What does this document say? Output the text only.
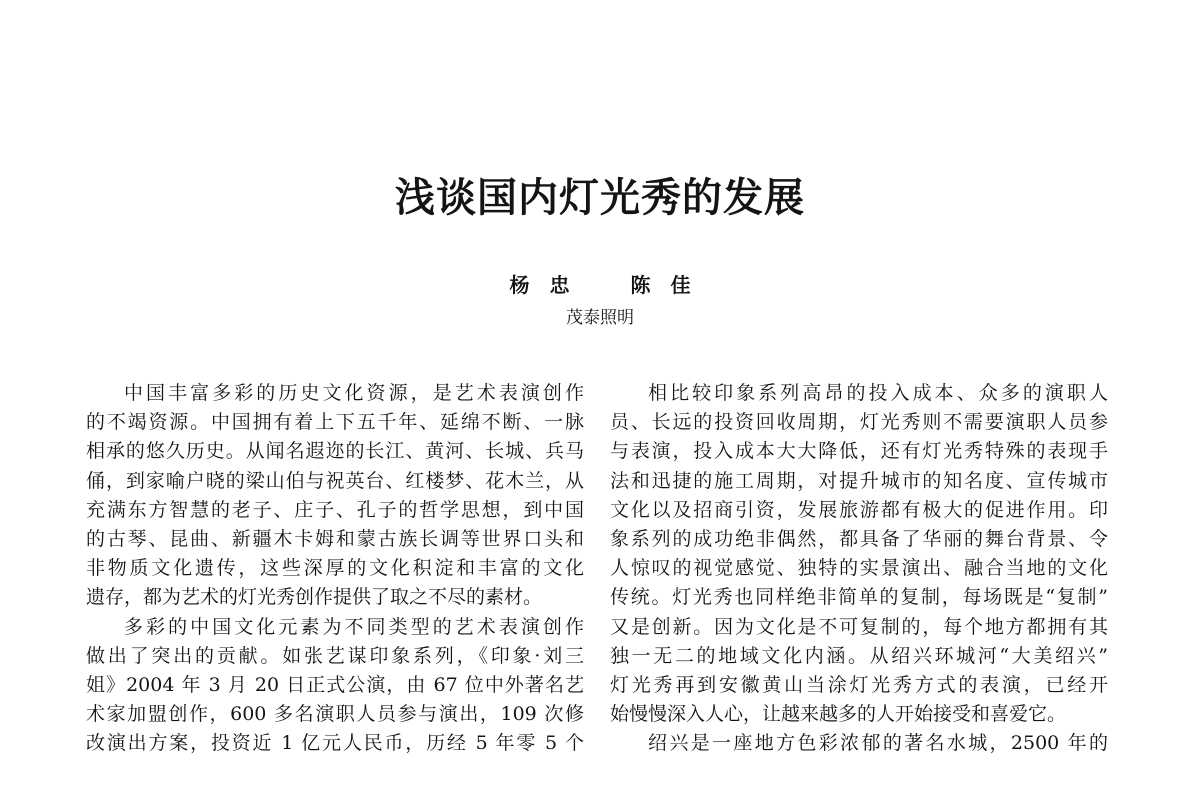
浅谈国内灯光秀的发展
杨忠 陈佳
茂泰照明
中国丰富多彩的历史文化资源，是艺术表演创作
的不竭资源。中国拥有着上下五千年、延绵不断、一脉
相承的悠久历史。从闻名遐迩的长江、黄河、长城、兵马
俑，到家喻户晓的梁山伯与祝英台、红楼梦、花木兰，从
充满东方智慧的老子、庄子、孔子的哲学思想，到中国
的古琴、昆曲、新疆木卡姆和蒙古族长调等世界口头和
非物质文化遗传，这些深厚的文化积淀和丰富的文化
遗存，都为艺术的灯光秀创作提供了取之不尽的素材。
多彩的中国文化元素为不同类型的艺术表演创作
做出了突出的贡献。如张艺谋印象系列，《印象·刘三
姐》2004 年 3 月 20 日正式公演，由 67 位中外著名艺
术家加盟创作，600 多名演职人员参与演出，109 次修
改演出方案，投资近 1 亿元人民币，历经 5 年零 5 个
相比较印象系列高昂的投入成本、众多的演职人
员、长远的投资回收周期，灯光秀则不需要演职人员参
与表演，投入成本大大降低，还有灯光秀特殊的表现手
法和迅捷的施工周期，对提升城市的知名度、宣传城市
文化以及招商引资，发展旅游都有极大的促进作用。印
象系列的成功绝非偶然，都具备了华丽的舞台背景、令
人惊叹的视觉感觉、独特的实景演出、融合当地的文化
传统。灯光秀也同样绝非简单的复制，每场既是“复制”
又是创新。因为文化是不可复制的，每个地方都拥有其
独一无二的地域文化内涵。从绍兴环城河“大美绍兴”
灯光秀再到安徽黄山当涂灯光秀方式的表演，已经开
始慢慢深入人心，让越来越多的人开始接受和喜爱它。
绍兴是一座地方色彩浓郁的著名水城，2500 年的
